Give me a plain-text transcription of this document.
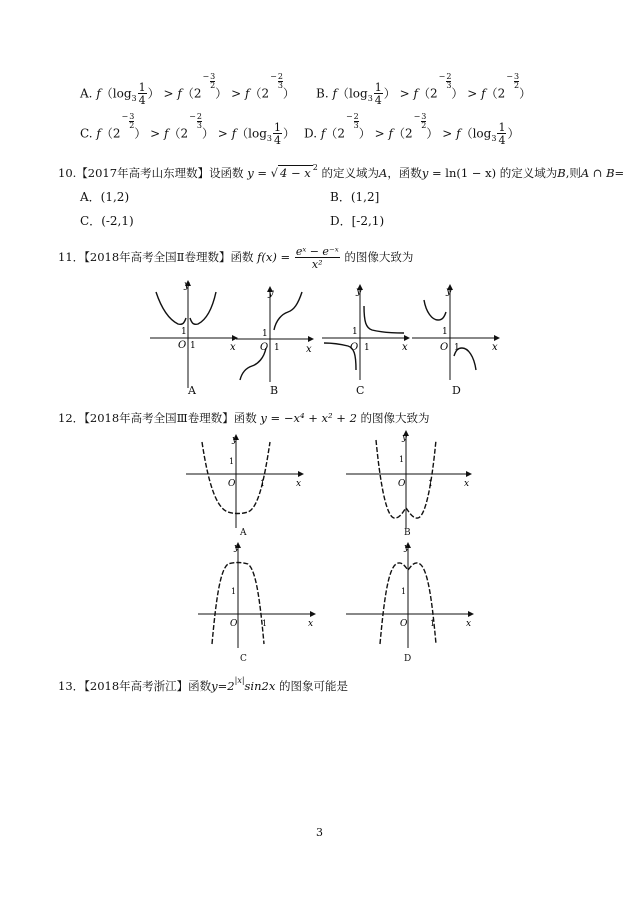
A. $f(\log_3 \frac{1}{4}$ ） > f（2
− $\frac{3}{2}$
） > f（2
− $\frac{2}{3}$
） B. $f(\log_3 \frac{1}{4}$ ） > f（2
− $\frac{2}{3}$
） > f（2
− $\frac{3}{2}$
）
C. f（2
− $\frac{3}{2}$
） > f（2
− $\frac{2}{3}$
） > $f(\log_3 \frac{1}{4}$ ） D. f（2
− $\frac{2}{3}$
） > f（2
− $\frac{3}{2}$
） > $f(\log_3 \frac{1}{4}$ ）
10.【2017年高考山东理数】设函数 y = √ 4 − x $^2$ 的定义域为A，函数y = ln(1 − x) 的定义域为B,则A ∩ B=
A．(1,2)	B．(1,2]
C．(-2,1)	D．[-2,1)
11．【2018年高考全国Ⅱ卷理数】函数 $f(x) = \frac{\text{eˣ − e⁻ˣ}}{\text{x²}}$ 的图像大致为
y
x
O 1
1
A
y
x
O 1
1
B
y
x
O 1
1
C
y
x
O 1
1
D
12．【2018年高考全国Ⅲ卷理数】函数 y = −x⁴ + x² + 2 的图像大致为
y
x
O	1
1
A
y
x
O	1
1
B
y
x
O	1
1
C
y
x
O	1
1
D
13．【2018年高考浙江】函数$y=2^{|x|}\sin 2x$ 的图象可能是
3
